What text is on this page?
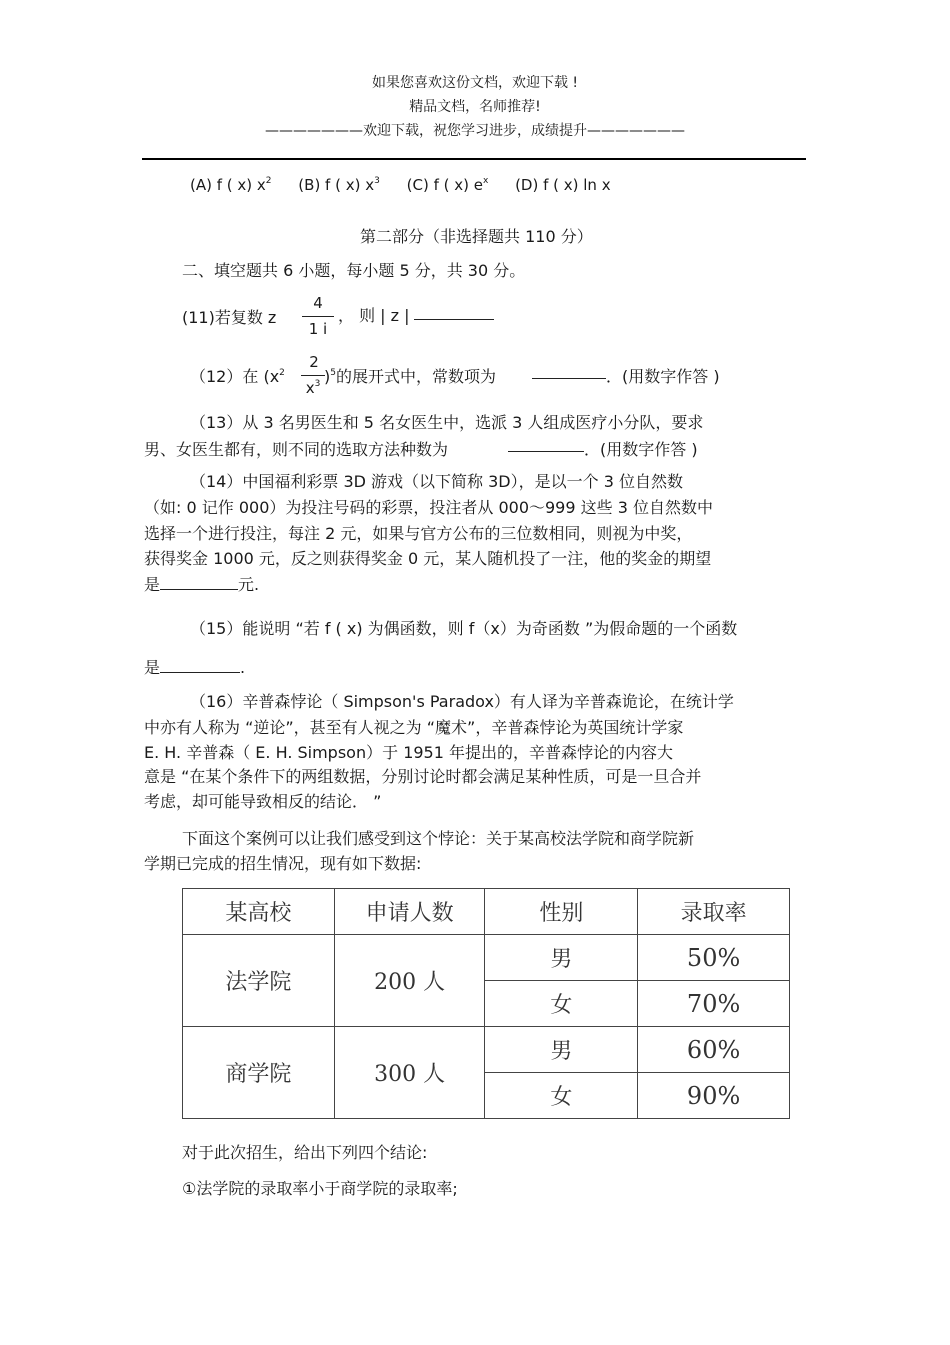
如果您喜欢这份文档，欢迎下载 !
精品文档，名师推荐!
———————欢迎下载，祝您学习进步，成绩提升———————
(A) f ( x) $x^2$ (B) f ( x) $x^3$ (C) f ( x) $e^x$ (D) f ( x) ln x
第二部分（非选择题共 110 分）
二、填空题共 6 小题，每小题 5 分，共 30 分。
(11)若复数 z
4
1 i
， 则 | z |
（12）在 ($x^2$
2
$x^3$ )$^5$的展开式中，常数项为	．(用数字作答 )
（13）从 3 名男医生和 5 名女医生中，选派 3 人组成医疗小分队，要求
男、女医生都有，则不同的选取方法种数为	．(用数字作答 )
（14）中国福利彩票 3D 游戏（以下简称 3D），是以一个 3 位自然数
（如: 0 记作 000）为投注号码的彩票，投注者从 000～999 这些 3 位自然数中
选择一个进行投注，每注 2 元，如果与官方公布的三位数相同，则视为中奖，
获得奖金 1000 元，反之则获得奖金 0 元，某人随机投了一注，他的奖金的期望
是	元.
（15）能说明 “若 f ( x) 为偶函数，则 f（x）为奇函数 ”为假命题的一个函数
是	.
（16）辛普森悖论（ Simpson's Paradox）有人译为辛普森诡论，在统计学
中亦有人称为 “逆论”，甚至有人视之为 “魔术”，辛普森悖论为英国统计学家
E. H. 辛普森（ E. H. Simpson）于 1951 年提出的，辛普森悖论的内容大
意是 “在某个条件下的两组数据，分别讨论时都会满足某种性质，可是一旦合并
考虑，却可能导致相反的结论． ”
下面这个案例可以让我们感受到这个悖论：关于某高校法学院和商学院新
学期已完成的招生情况，现有如下数据:
某高校	申请人数	性别	录取率
法学院	200 人	男	50%
		女	70%
商学院	300 人	男	60%
		女	90%
对于此次招生，给出下列四个结论:
①法学院的录取率小于商学院的录取率;
